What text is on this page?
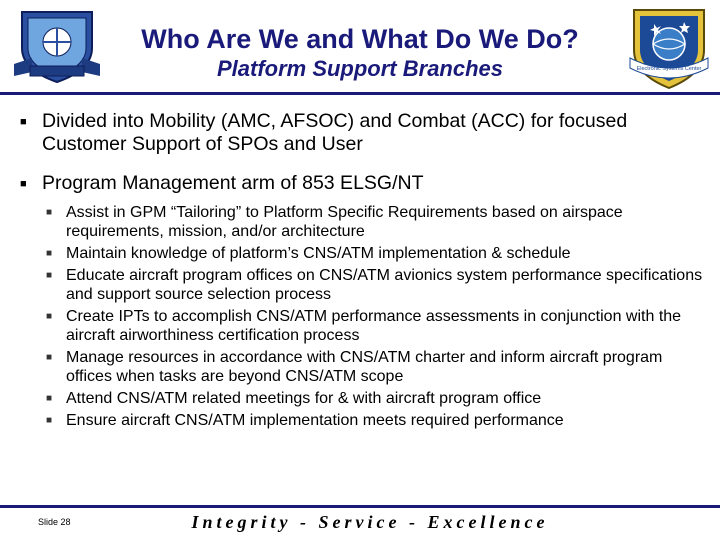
Electronic Systems Center
Who Are We and What Do We Do?
Platform Support Branches
■ Divided into Mobility (AMC, AFSOC) and Combat (ACC) for focused Customer Support of SPOs and User
■ Program Management arm of 853 ELSG/NT
■ Assist in GPM “Tailoring” to Platform Specific Requirements based on airspace requirements, mission, and/or architecture
■ Maintain knowledge of platform’s CNS/ATM implementation & schedule
■ Educate aircraft program offices on CNS/ATM avionics system performance specifications and support source selection process
■ Create IPTs to accomplish CNS/ATM performance assessments in conjunction with the aircraft airworthiness certification process
■ Manage resources in accordance with CNS/ATM charter and inform aircraft program offices when tasks are beyond CNS/ATM scope
■ Attend CNS/ATM related meetings for & with aircraft program office
■ Ensure aircraft CNS/ATM implementation meets required performance
Slide 28	Integrity - Service - Excellence
